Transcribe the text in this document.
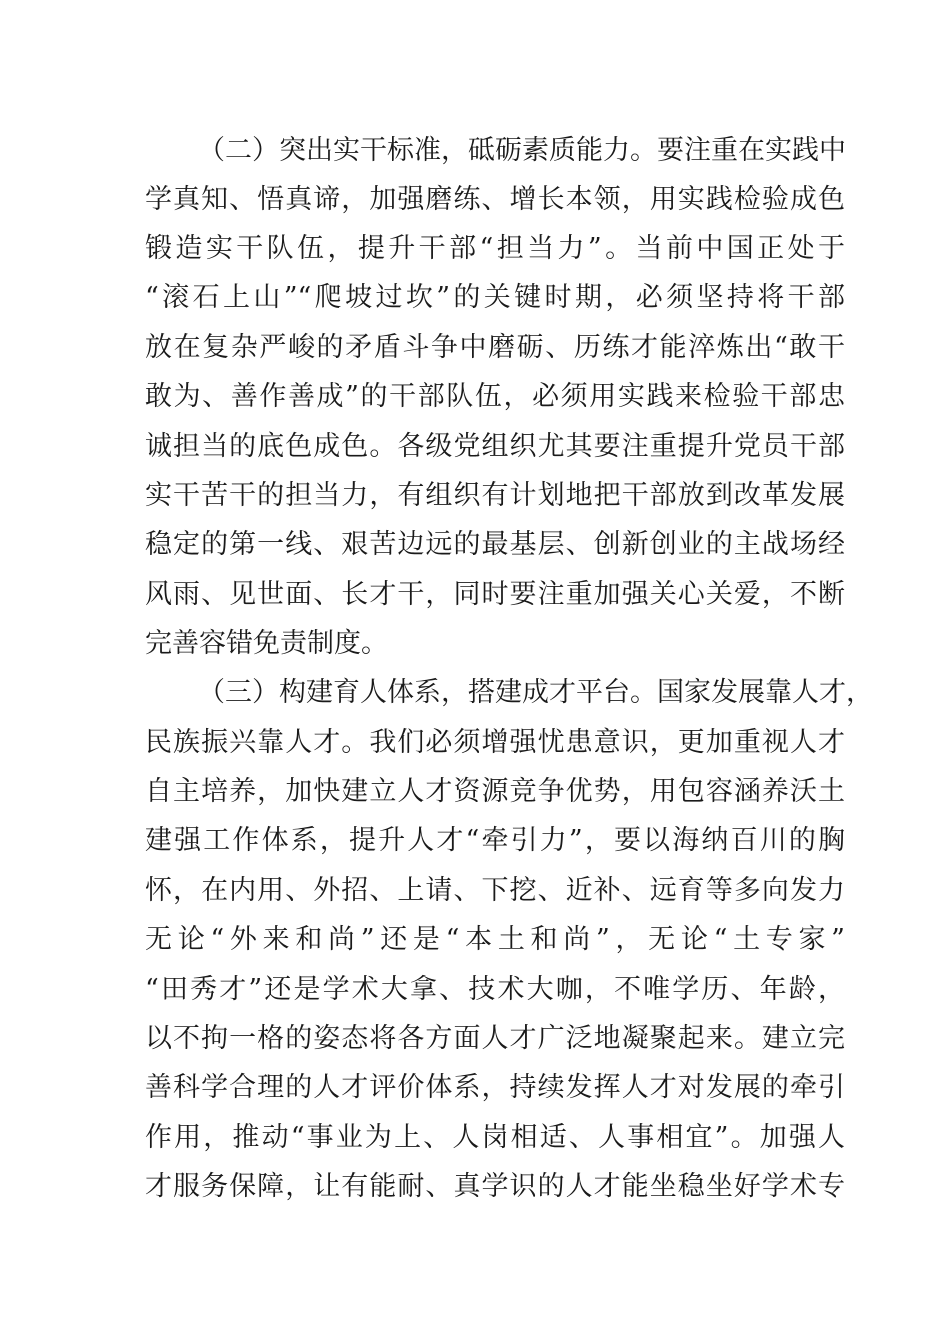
（二）突出实干标准，砥砺素质能力。要注重在实践中
学真知、悟真谛，加强磨练、增长本领，用实践检验成色
锻造实干队伍，提升干部“担当力”。当前中国正处于
“滚石上山”“爬坡过坎”的关键时期，必须坚持将干部
放在复杂严峻的矛盾斗争中磨砺、历练才能淬炼出“敢干
敢为、善作善成”的干部队伍，必须用实践来检验干部忠
诚担当的底色成色。各级党组织尤其要注重提升党员干部
实干苦干的担当力，有组织有计划地把干部放到改革发展
稳定的第一线、艰苦边远的最基层、创新创业的主战场经
风雨、见世面、长才干，同时要注重加强关心关爱，不断
完善容错免责制度。
（三）构建育人体系，搭建成才平台。国家发展靠人才，
民族振兴靠人才。我们必须增强忧患意识，更加重视人才
自主培养，加快建立人才资源竞争优势，用包容涵养沃土
建强工作体系，提升人才“牵引力”，要以海纳百川的胸
怀，在内用、外招、上请、下挖、近补、远育等多向发力
无论“外来和尚”还是“本土和尚”，无论“土专家”
“田秀才”还是学术大拿、技术大咖，不唯学历、年龄，
以不拘一格的姿态将各方面人才广泛地凝聚起来。建立完
善科学合理的人才评价体系，持续发挥人才对发展的牵引
作用，推动“事业为上、人岗相适、人事相宜”。加强人
才服务保障，让有能耐、真学识的人才能坐稳坐好学术专
